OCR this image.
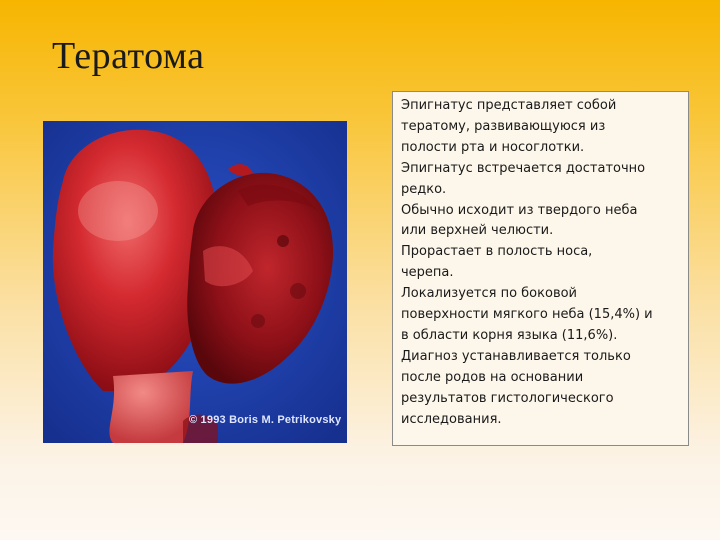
Тератома
© 1993 Boris M. Petrikovsky

Эпигнатус представляет собой

тератому, развивающуюся из

полости рта и носоглотки.

Эпигнатус встречается достаточно

редко.

Обычно исходит из твердого неба

или верхней челюсти.

Прорастает в полость носа,

черепа.

Локализуется по боковой

поверхности мягкого неба (15,4%) и

в области корня языка (11,6%).

Диагноз устанавливается только

после родов на основании

результатов гистологического

исследования.
